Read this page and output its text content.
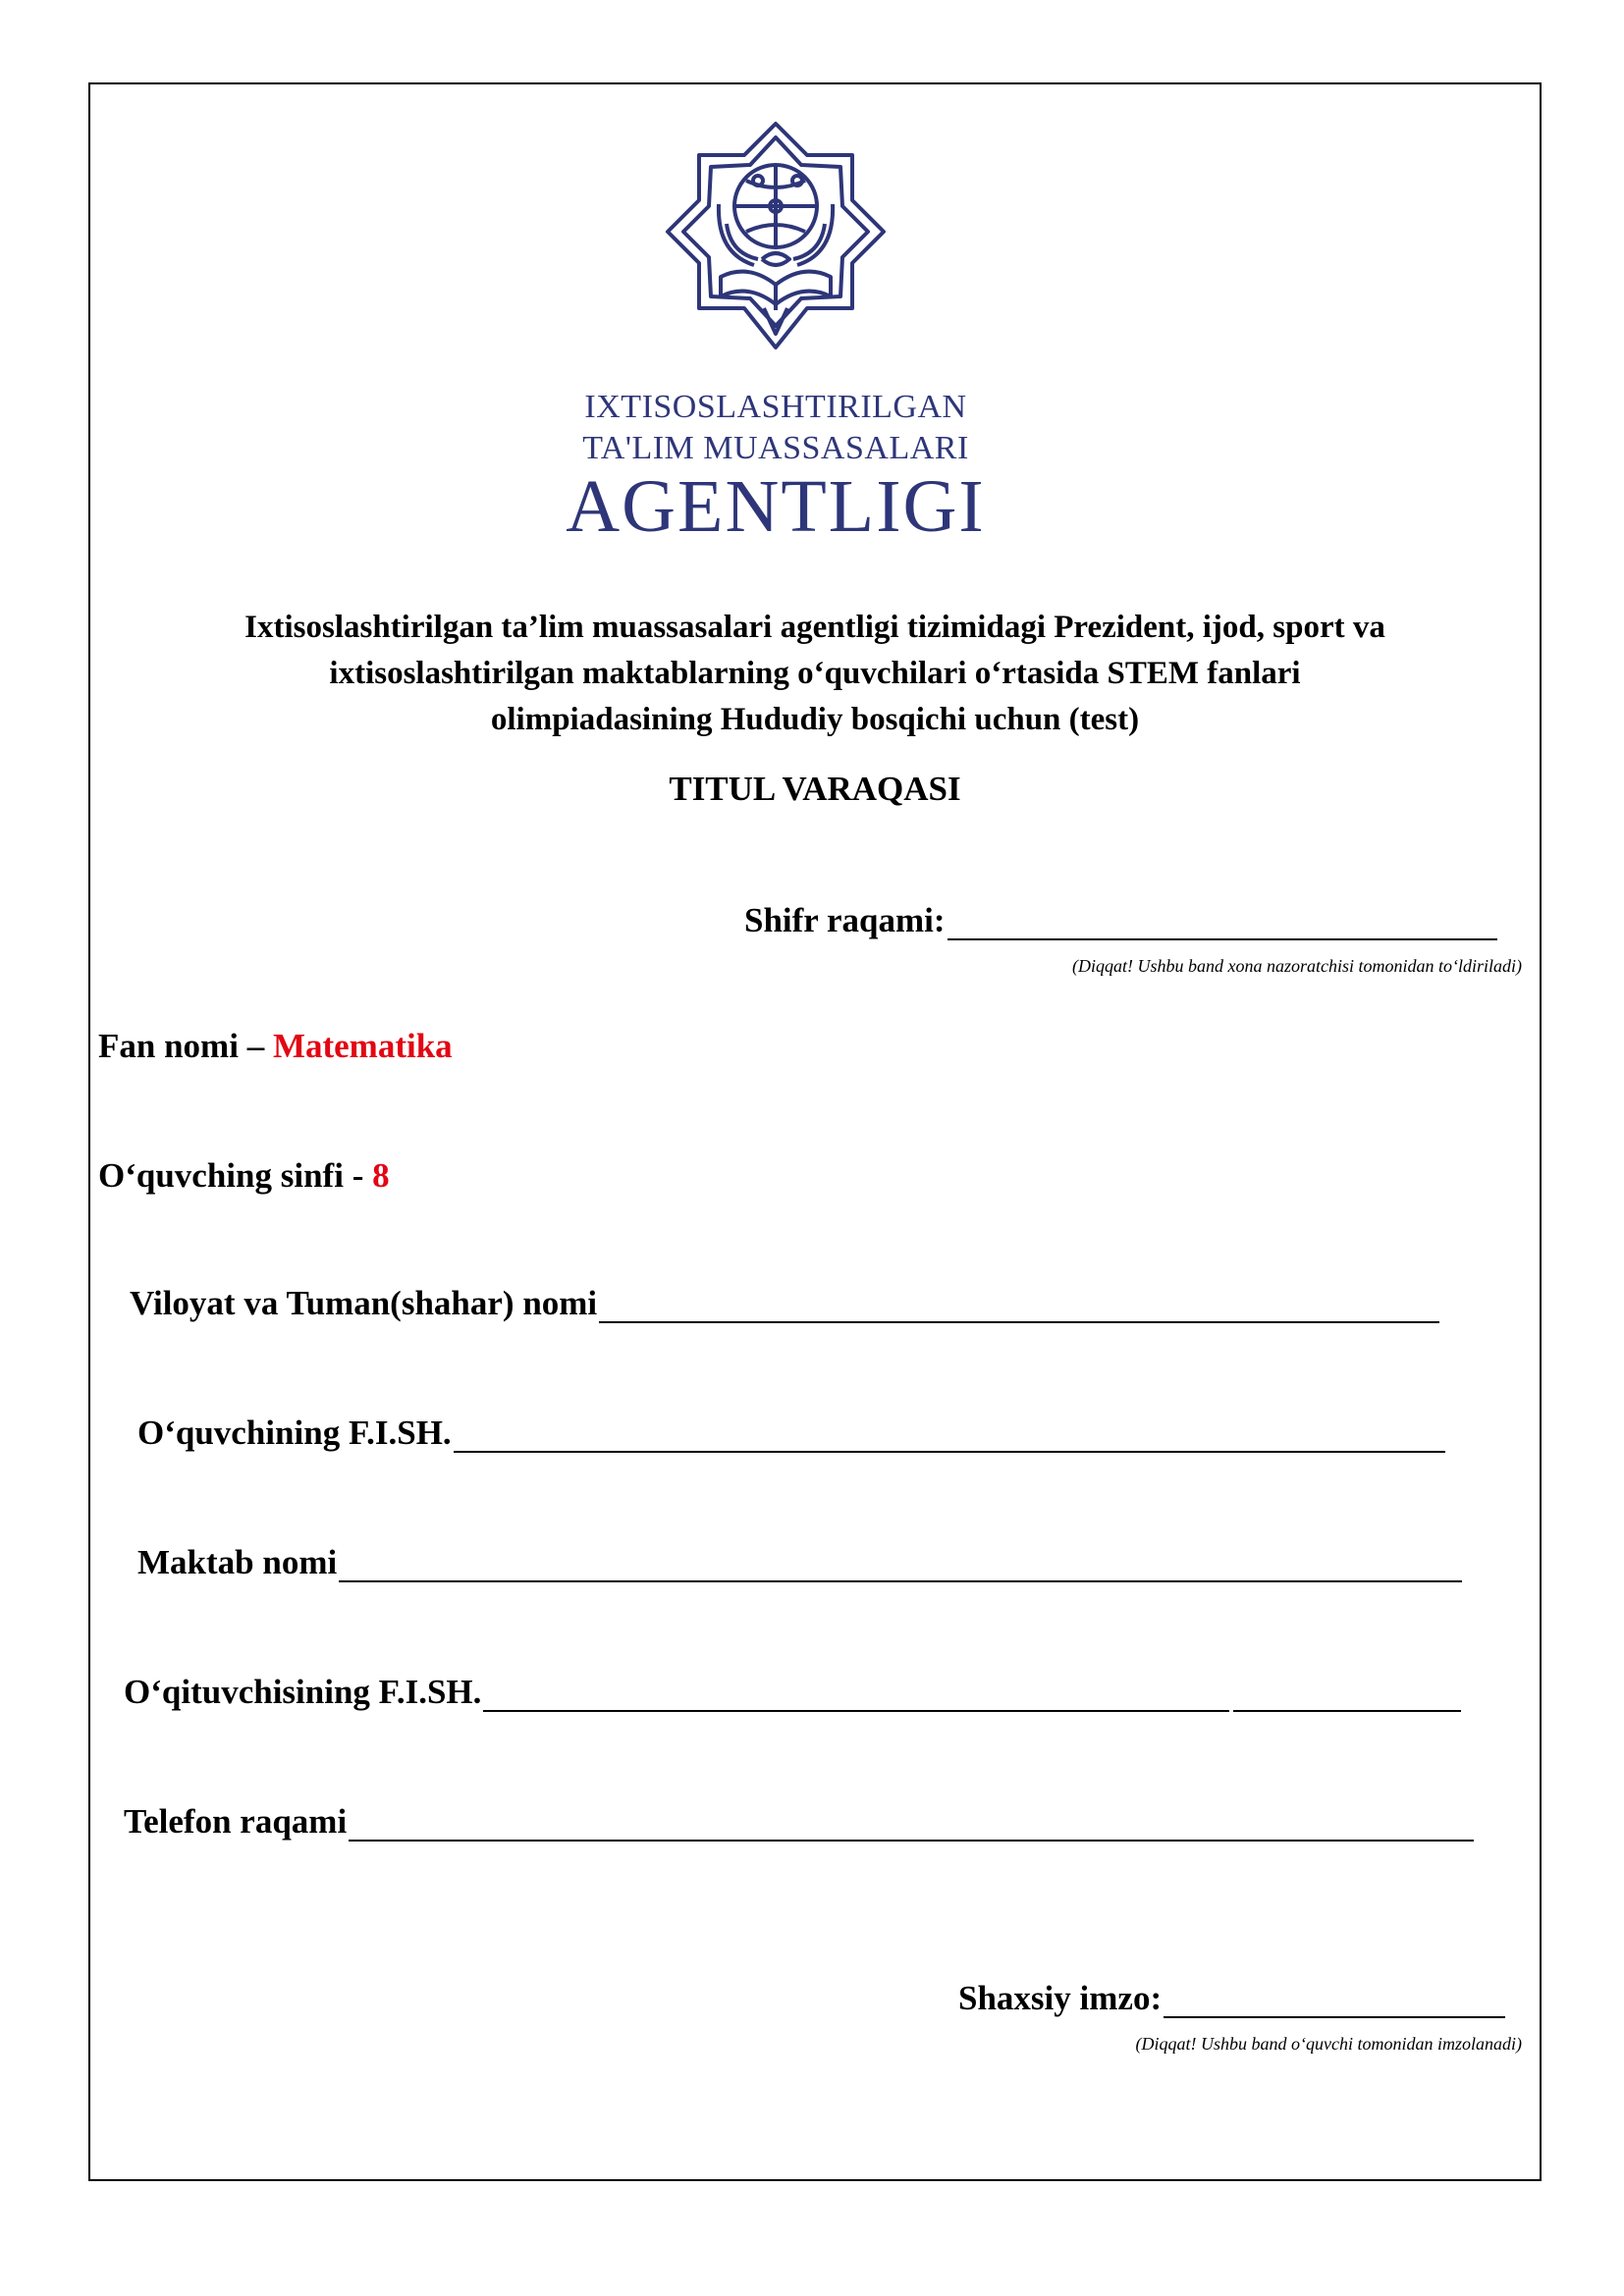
IXTISOSLASHTIRILGAN
TA'LIM MUASSASALARI
AGENTLIGI
Ixtisoslashtirilgan ta’lim muassasalari agentligi tizimidagi Prezident, ijod, sport va
ixtisoslashtirilgan maktablarning o‘quvchilari o‘rtasida STEM fanlari
olimpiadasining Hududiy bosqichi uchun (test)
TITUL VARAQASI
Shifr raqami:
(Diqqat! Ushbu band xona nazoratchisi tomonidan to‘ldiriladi)
Fan nomi – Matematika
O‘quvching sinfi - 8
Viloyat va Tuman(shahar) nomi
O‘quvchining F.I.SH.
Maktab nomi
O‘qituvchisining F.I.SH.
Telefon raqami
Shaxsiy imzo:
(Diqqat! Ushbu band o‘quvchi tomonidan imzolanadi)
